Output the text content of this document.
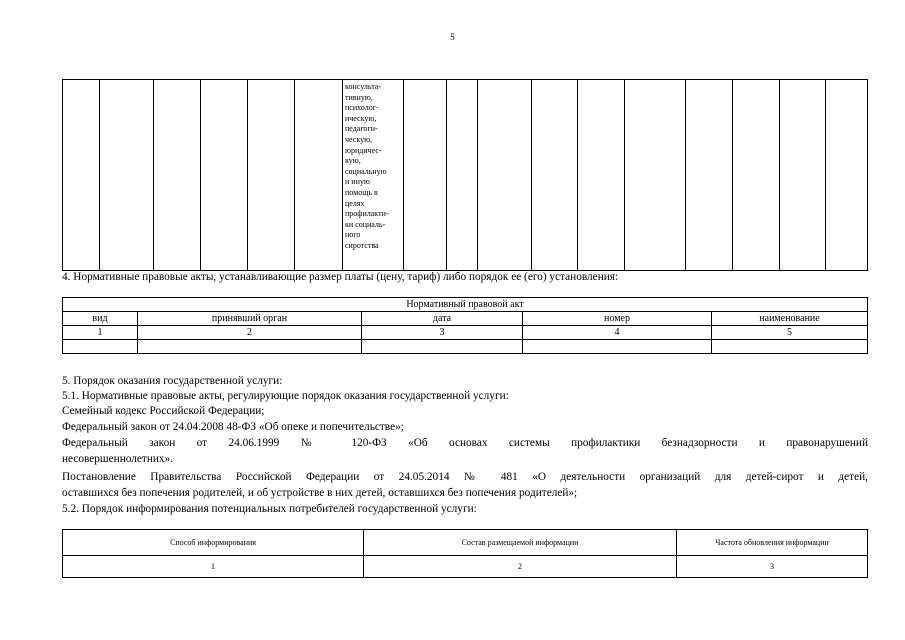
5

консульта-
тивную,
психолог-
ическую,
педагоги-
ческую,
юридичес-
кую,
социальную
и иную
помощь в
целях
профилакти-
ки социаль-
ного
сиротства

4. Нормативные правовые акты, устанавливающие размер платы (цену, тариф) либо порядок ее (его) установления:
Нормативный правовой акт				
вид	принявший орган	дата	номер	наименование
1	2	3	4	5

5. Порядок оказания государственной услуги:
5.1. Нормативные правовые акты, регулирующие порядок оказания государственной услуги:
Семейный кодекс Российской Федерации;
Федеральный закон от 24.04.2008 48-ФЗ «Об опеке и попечительстве»;
Федеральный закон от 24.06.1999 № 120-ФЗ «Об основах системы профилактики безнадзорности и правонарушений
несовершеннолетних».
Постановление Правительства Российской Федерации от 24.05.2014 № 481 «О деятельности организаций для детей-сирот и детей,
оставшихся без попечения родителей, и об устройстве в них детей, оставшихся без попечения родителей»;
5.2. Порядок информирования потенциальных потребителей государственной услуги:
Способ информирования	Состав размещаемой информации	Частота обновления информации
1	2	3
